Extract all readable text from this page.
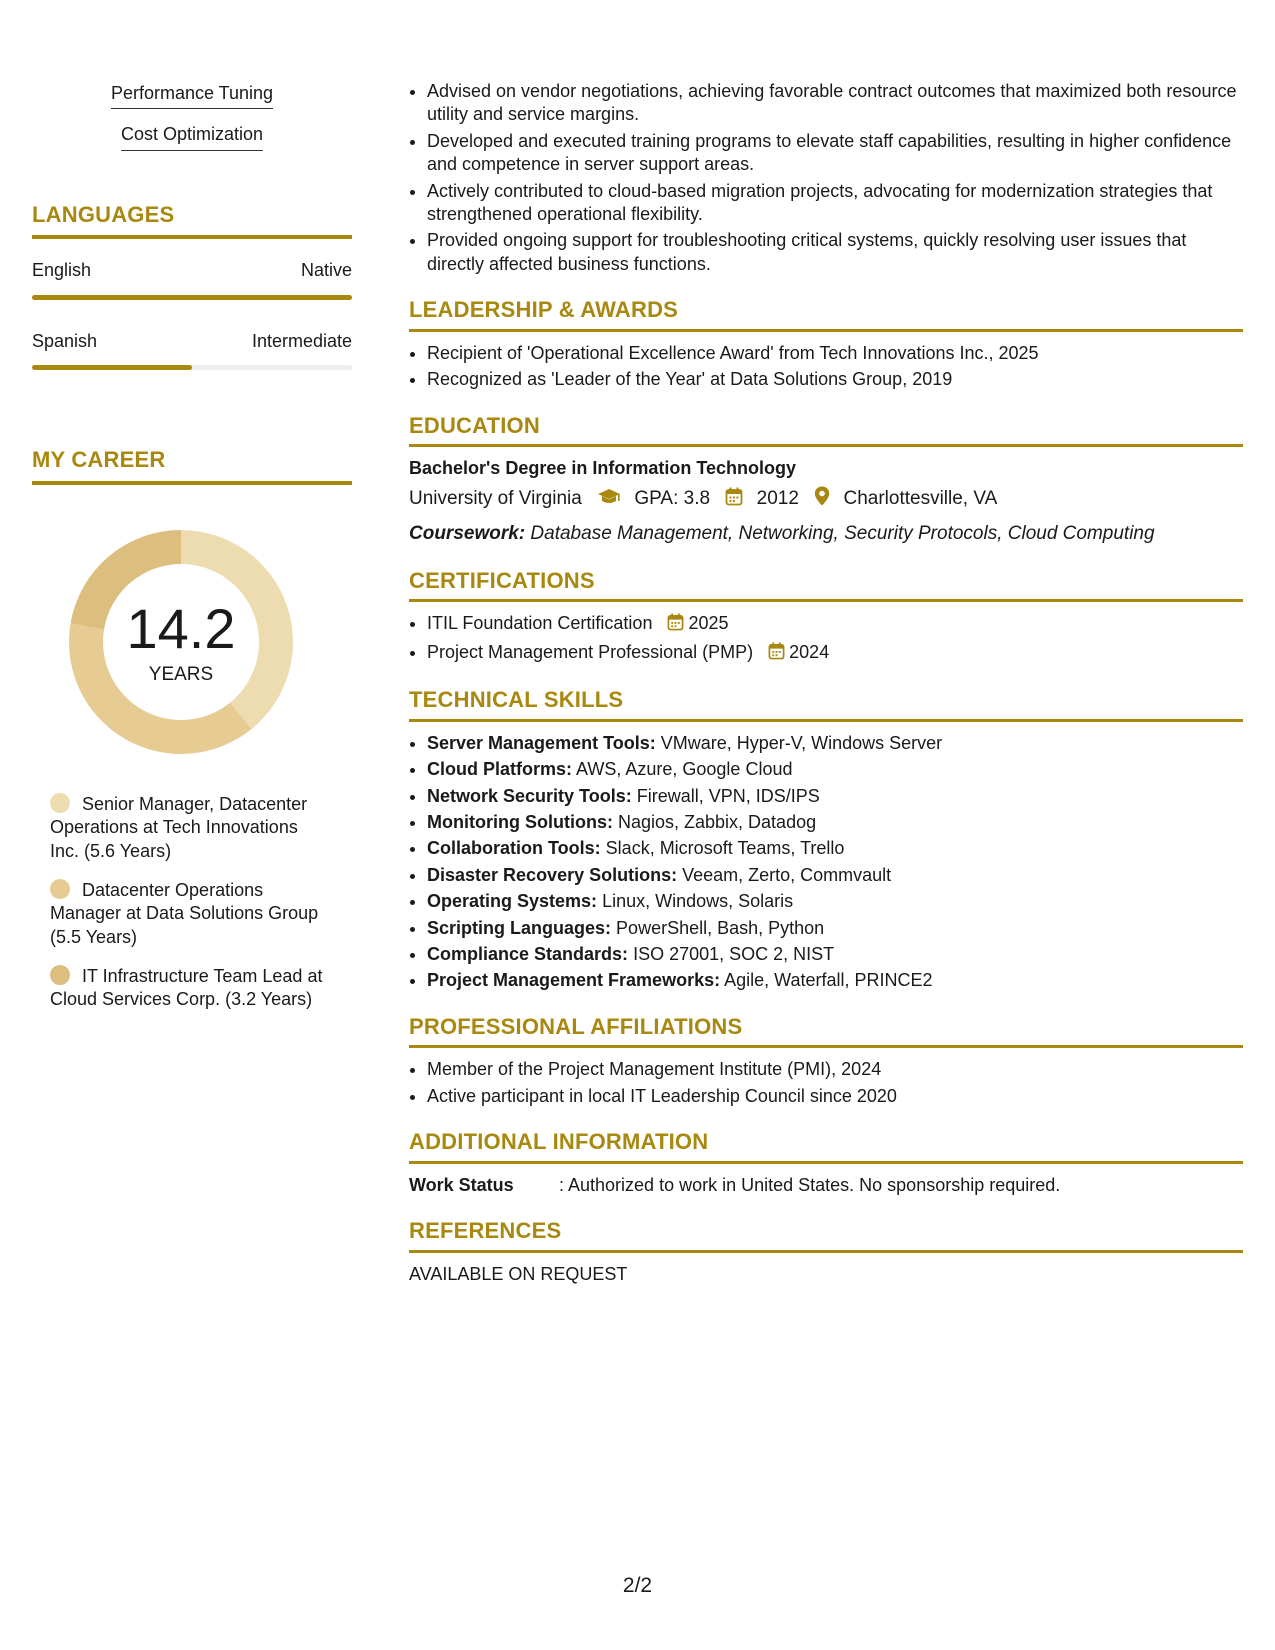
Performance Tuning
Cost Optimization
LANGUAGES
English	Native
Spanish	Intermediate
MY CAREER
14.2
YEARS
Senior Manager, Datacenter Operations at Tech Innovations Inc. (5.6 Years)
Datacenter Operations Manager at Data Solutions Group (5.5 Years)
IT Infrastructure Team Lead at Cloud Services Corp. (3.2 Years)
• Advised on vendor negotiations, achieving favorable contract outcomes that maximized both resource utility and service margins.
• Developed and executed training programs to elevate staff capabilities, resulting in higher confidence and competence in server support areas.
• Actively contributed to cloud-based migration projects, advocating for modernization strategies that strengthened operational flexibility.
• Provided ongoing support for troubleshooting critical systems, quickly resolving user issues that directly affected business functions.
LEADERSHIP & AWARDS
• Recipient of 'Operational Excellence Award' from Tech Innovations Inc., 2025
• Recognized as 'Leader of the Year' at Data Solutions Group, 2019
EDUCATION
Bachelor's Degree in Information Technology
University of Virginia	GPA: 3.8 2012 Charlottesville, VA
Coursework: Database Management, Networking, Security Protocols, Cloud Computing
CERTIFICATIONS
• ITIL Foundation Certification 2025
• Project Management Professional (PMP) 2024
TECHNICAL SKILLS
• Server Management Tools: VMware, Hyper-V, Windows Server
• Cloud Platforms: AWS, Azure, Google Cloud
• Network Security Tools: Firewall, VPN, IDS/IPS
• Monitoring Solutions: Nagios, Zabbix, Datadog
• Collaboration Tools: Slack, Microsoft Teams, Trello
• Disaster Recovery Solutions: Veeam, Zerto, Commvault
• Operating Systems: Linux, Windows, Solaris
• Scripting Languages: PowerShell, Bash, Python
• Compliance Standards: ISO 27001, SOC 2, NIST
• Project Management Frameworks: Agile, Waterfall, PRINCE2
PROFESSIONAL AFFILIATIONS
• Member of the Project Management Institute (PMI), 2024
• Active participant in local IT Leadership Council since 2020
ADDITIONAL INFORMATION
Work Status	: Authorized to work in United States. No sponsorship required.
REFERENCES
AVAILABLE ON REQUEST
2/2
